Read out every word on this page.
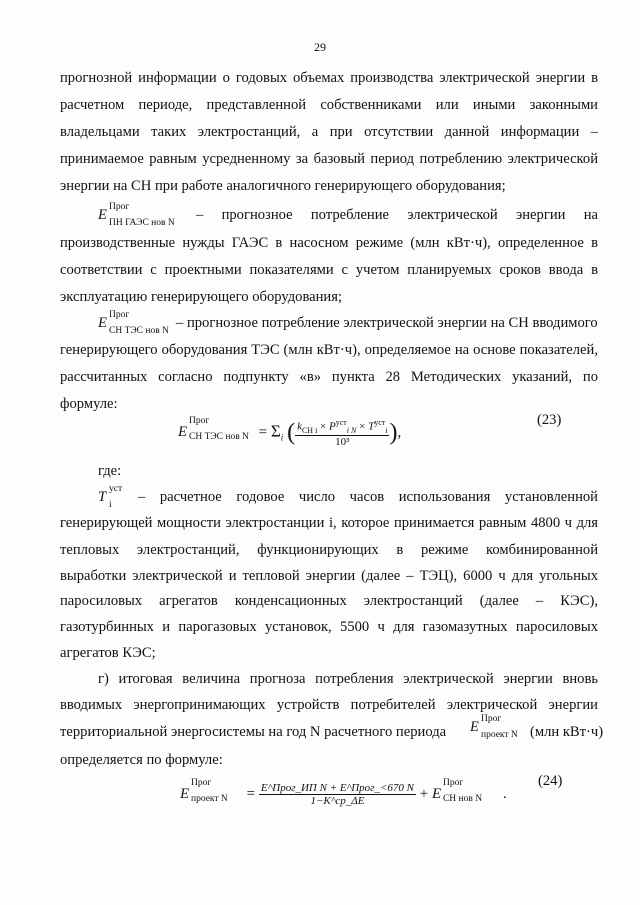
29
прогнозной информации о годовых объемах производства электрической энергии в
расчетном периоде, представленной собственниками или иными законными
владельцами таких электростанций, а при отсутствии данной информации –
принимаемое равным усредненному за базовый период потреблению электрической
энергии на СН при работе аналогичного генерирующего оборудования;
E Прог
ПН ГАЭС нов N – прогнозное потребление электрической энергии на
производственные нужды ГАЭС в насосном режиме (млн кВт·ч), определенное в
соответствии с проектными показателями с учетом планируемых сроков ввода в
эксплуатацию генерирующего оборудования;
E Прог
СН ТЭС нов N – прогнозное потребление электрической энергии на СН вводимого
генерирующего оборудования ТЭС (млн кВт·ч), определяемое на основе показателей,
рассчитанных согласно подпункту «в» пункта 28 Методических указаний, по
формуле:
E
Прог
СН ТЭС нов $N = \Sigma_i$ ( $\frac{k_{СН i} \times P^{уст}_{i N} \times T^{уст}_i}{\text{10³}}$ ),
(23)
где:
T уст
i – расчетное годовое число часов использования установленной
генерирующей мощности электростанции i, которое принимается равным 4800 ч для
тепловых электростанций, функционирующих в режиме комбинированной
выработки электрической и тепловой энергии (далее – ТЭЦ), 6000 ч для угольных
паросиловых агрегатов конденсационных электростанций (далее – КЭС),
газотурбинных и парогазовых установок, 5500 ч для газомазутных паросиловых
агрегатов КЭС;
г) итоговая величина прогноза потребления электрической энергии вновь
вводимых энергопринимающих устройств потребителей электрической энергии
территориальной энергосистемы на год N расчетного периода	E Прог
проект N (млн кВт·ч)
определяется по формуле:
E
Прог
проект $N = \frac{\text{E\textasciicircum{}Прог\_ИП N + E\textasciicircum{}Прог\_<670 N}}{1-K\^{}ср\_\Delta E} + E$
Прог
СН нов N .
(24)
